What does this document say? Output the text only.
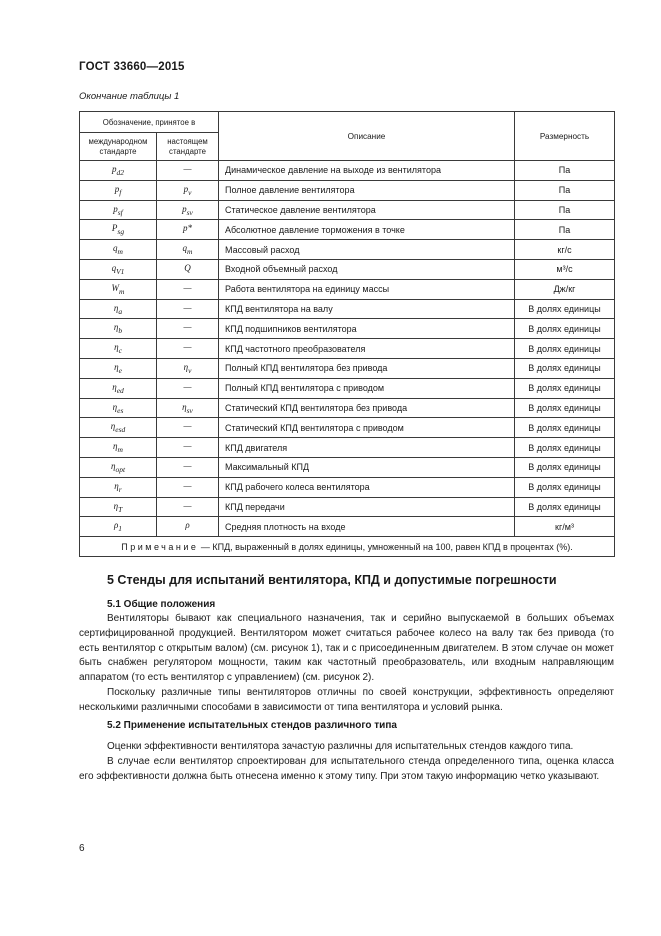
ГОСТ 33660—2015
Окончание таблицы 1
Обозначение, принятое в		Описание	Размерность
международном стандарте	настоящем стандарте		
$p_{d2}$	—	Динамическое давление на выходе из вентилятора	Па
$p_f$	$p_v$	Полное давление вентилятора	Па
$p_{sf}$	$p_{sv}$	Статическое давление вентилятора	Па
$P_{sg}$	p*	Абсолютное давление торможения в точке	Па
$q_m$	$q_m$	Массовый расход	кг/с
$q_{V1}$	Q	Входной объемный расход	м³/с
$W_m$	—	Работа вентилятора на единицу массы	Дж/кг
$\eta_a$	—	КПД вентилятора на валу	В долях единицы
$\eta_b$	—	КПД подшипников вентилятора	В долях единицы
$\eta_c$	—	КПД частотного преобразователя	В долях единицы
$\eta_e$	$\eta_v$	Полный КПД вентилятора без привода	В долях единицы
$\eta_{ed}$	—	Полный КПД вентилятора с приводом	В долях единицы
$\eta_{es}$	$\eta_{sv}$	Статический КПД вентилятора без привода	В долях единицы
$\eta_{esd}$	—	Статический КПД вентилятора с приводом	В долях единицы
$\eta_m$	—	КПД двигателя	В долях единицы
$\eta_{opt}$	—	Максимальный КПД	В долях единицы
$\eta_r$	—	КПД рабочего колеса вентилятора	В долях единицы
$\eta_T$	—	КПД передачи	В долях единицы
$\rho_1$	ρ	Средняя плотность на входе	кг/м³
Примечание — КПД, выраженный в долях единицы, умноженный на 100, равен КПД в процентах (%).			
5 Стенды для испытаний вентилятора, КПД и допустимые погрешности
5.1 Общие положения

Вентиляторы бывают как специального назначения, так и серийно выпускаемой в больших объемах сертифицированной продукцией. Вентилятором может считаться рабочее колесо на валу так без привода (то есть вентилятор с открытым валом) (см. рисунок 1), так и с присоединенным двигателем. В этом случае он может быть снабжен регулятором мощности, таким как частотный преобразователь, или входным направляющим аппаратом (то есть вентилятор с управлением) (см. рисунок 2).

Поскольку различные типы вентиляторов отличны по своей конструкции, эффективность определяют несколькими различными способами в зависимости от типа вентилятора и условий рынка.

5.2 Применение испытательных стендов различного типа

Оценки эффективности вентилятора зачастую различны для испытательных стендов каждого типа.

В случае если вентилятор спроектирован для испытательного стенда определенного типа, оценка класса его эффективности должна быть отнесена именно к этому типу. При этом такую информацию четко указывают.

6
